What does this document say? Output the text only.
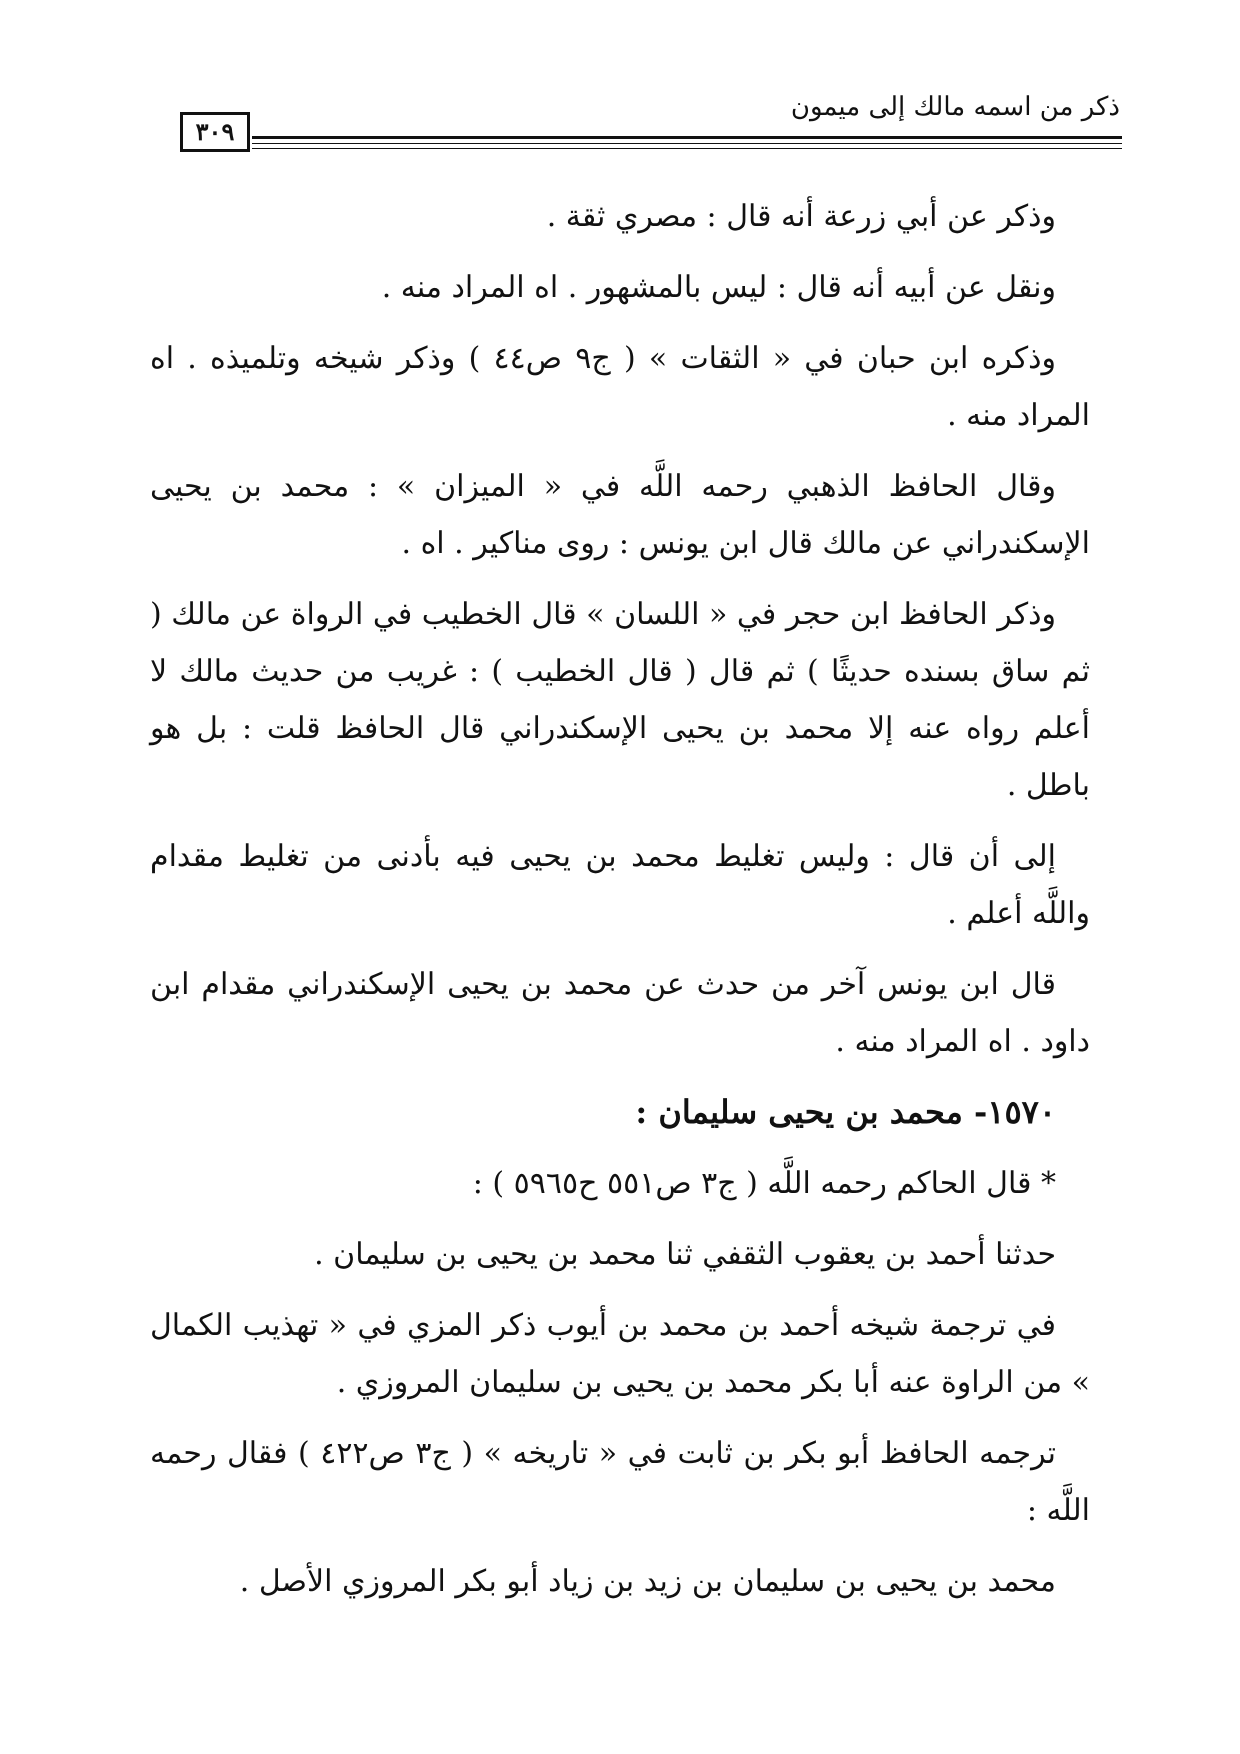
ذكر من اسمه مالك إلى ميمون
٣٠٩

وذكر عن أبي زرعة أنه قال : مصري ثقة .

ونقل عن أبيه أنه قال : ليس بالمشهور . اه المراد منه .

وذكره ابن حبان في « الثقات » ( ج٩ ص٤٤ ) وذكر شيخه وتلميذه . اه المراد منه .

وقال الحافظ الذهبي رحمه اللَّه في « الميزان » : محمد بن يحيى الإسكندراني عن مالك قال ابن يونس : روى مناكير . اه .

وذكر الحافظ ابن حجر في « اللسان » قال الخطيب في الرواة عن مالك ( ثم ساق بسنده حديثًا ) ثم قال ( قال الخطيب ) : غريب من حديث مالك لا أعلم رواه عنه إلا محمد بن يحيى الإسكندراني قال الحافظ قلت : بل هو باطل .

إلى أن قال : وليس تغليط محمد بن يحيى فيه بأدنى من تغليط مقدام واللَّه أعلم .

قال ابن يونس آخر من حدث عن محمد بن يحيى الإسكندراني مقدام ابن داود . اه المراد منه .

١٥٧٠- محمد بن يحيى سليمان :

* قال الحاكم رحمه اللَّه ( ج٣ ص٥٥١ ح٥٩٦٥ ) :

حدثنا أحمد بن يعقوب الثقفي ثنا محمد بن يحيى بن سليمان .

في ترجمة شيخه أحمد بن محمد بن أيوب ذكر المزي في « تهذيب الكمال » من الراوة عنه أبا بكر محمد بن يحيى بن سليمان المروزي .

ترجمه الحافظ أبو بكر بن ثابت في « تاريخه » ( ج٣ ص٤٢٢ ) فقال رحمه اللَّه :

محمد بن يحيى بن سليمان بن زيد بن زياد أبو بكر المروزي الأصل .
